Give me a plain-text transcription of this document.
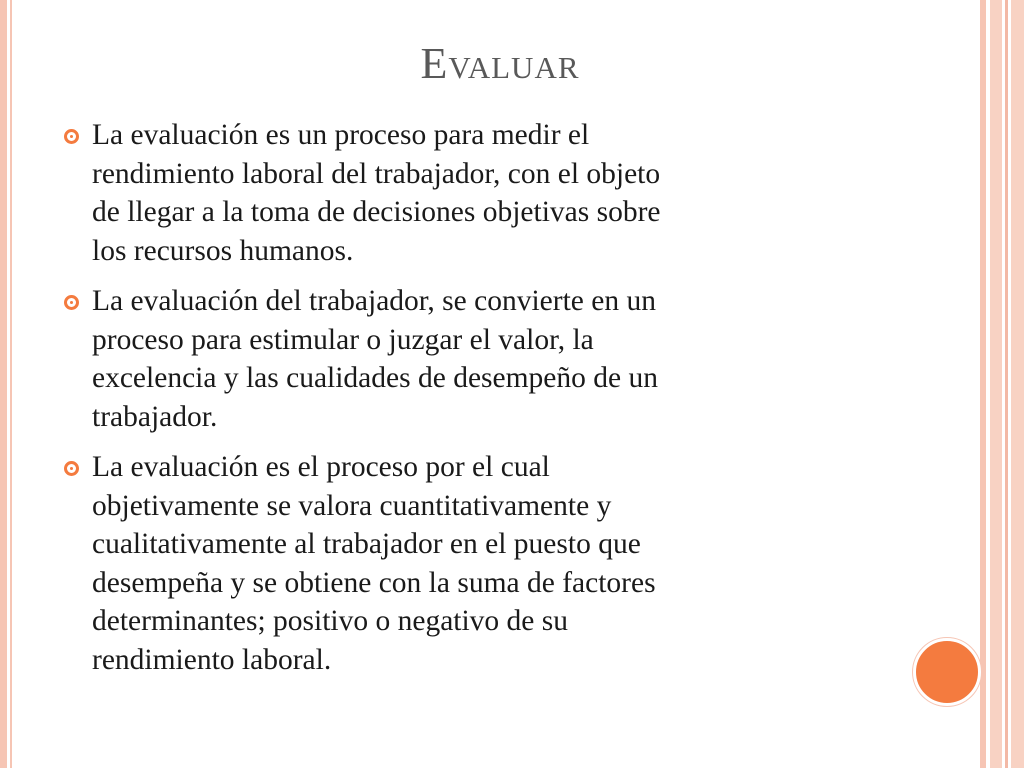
Evaluar
La evaluación es un proceso para medir el
rendimiento laboral del trabajador, con el objeto
de llegar a la toma de decisiones objetivas sobre
los recursos humanos.
La evaluación del trabajador, se convierte en un
proceso para estimular o juzgar el valor, la
excelencia y las cualidades de desempeño de un
trabajador.
La evaluación es el proceso por el cual
objetivamente se valora cuantitativamente y
cualitativamente al trabajador en el puesto que
desempeña y se obtiene con la suma de factores
determinantes; positivo o negativo de su
rendimiento laboral.
